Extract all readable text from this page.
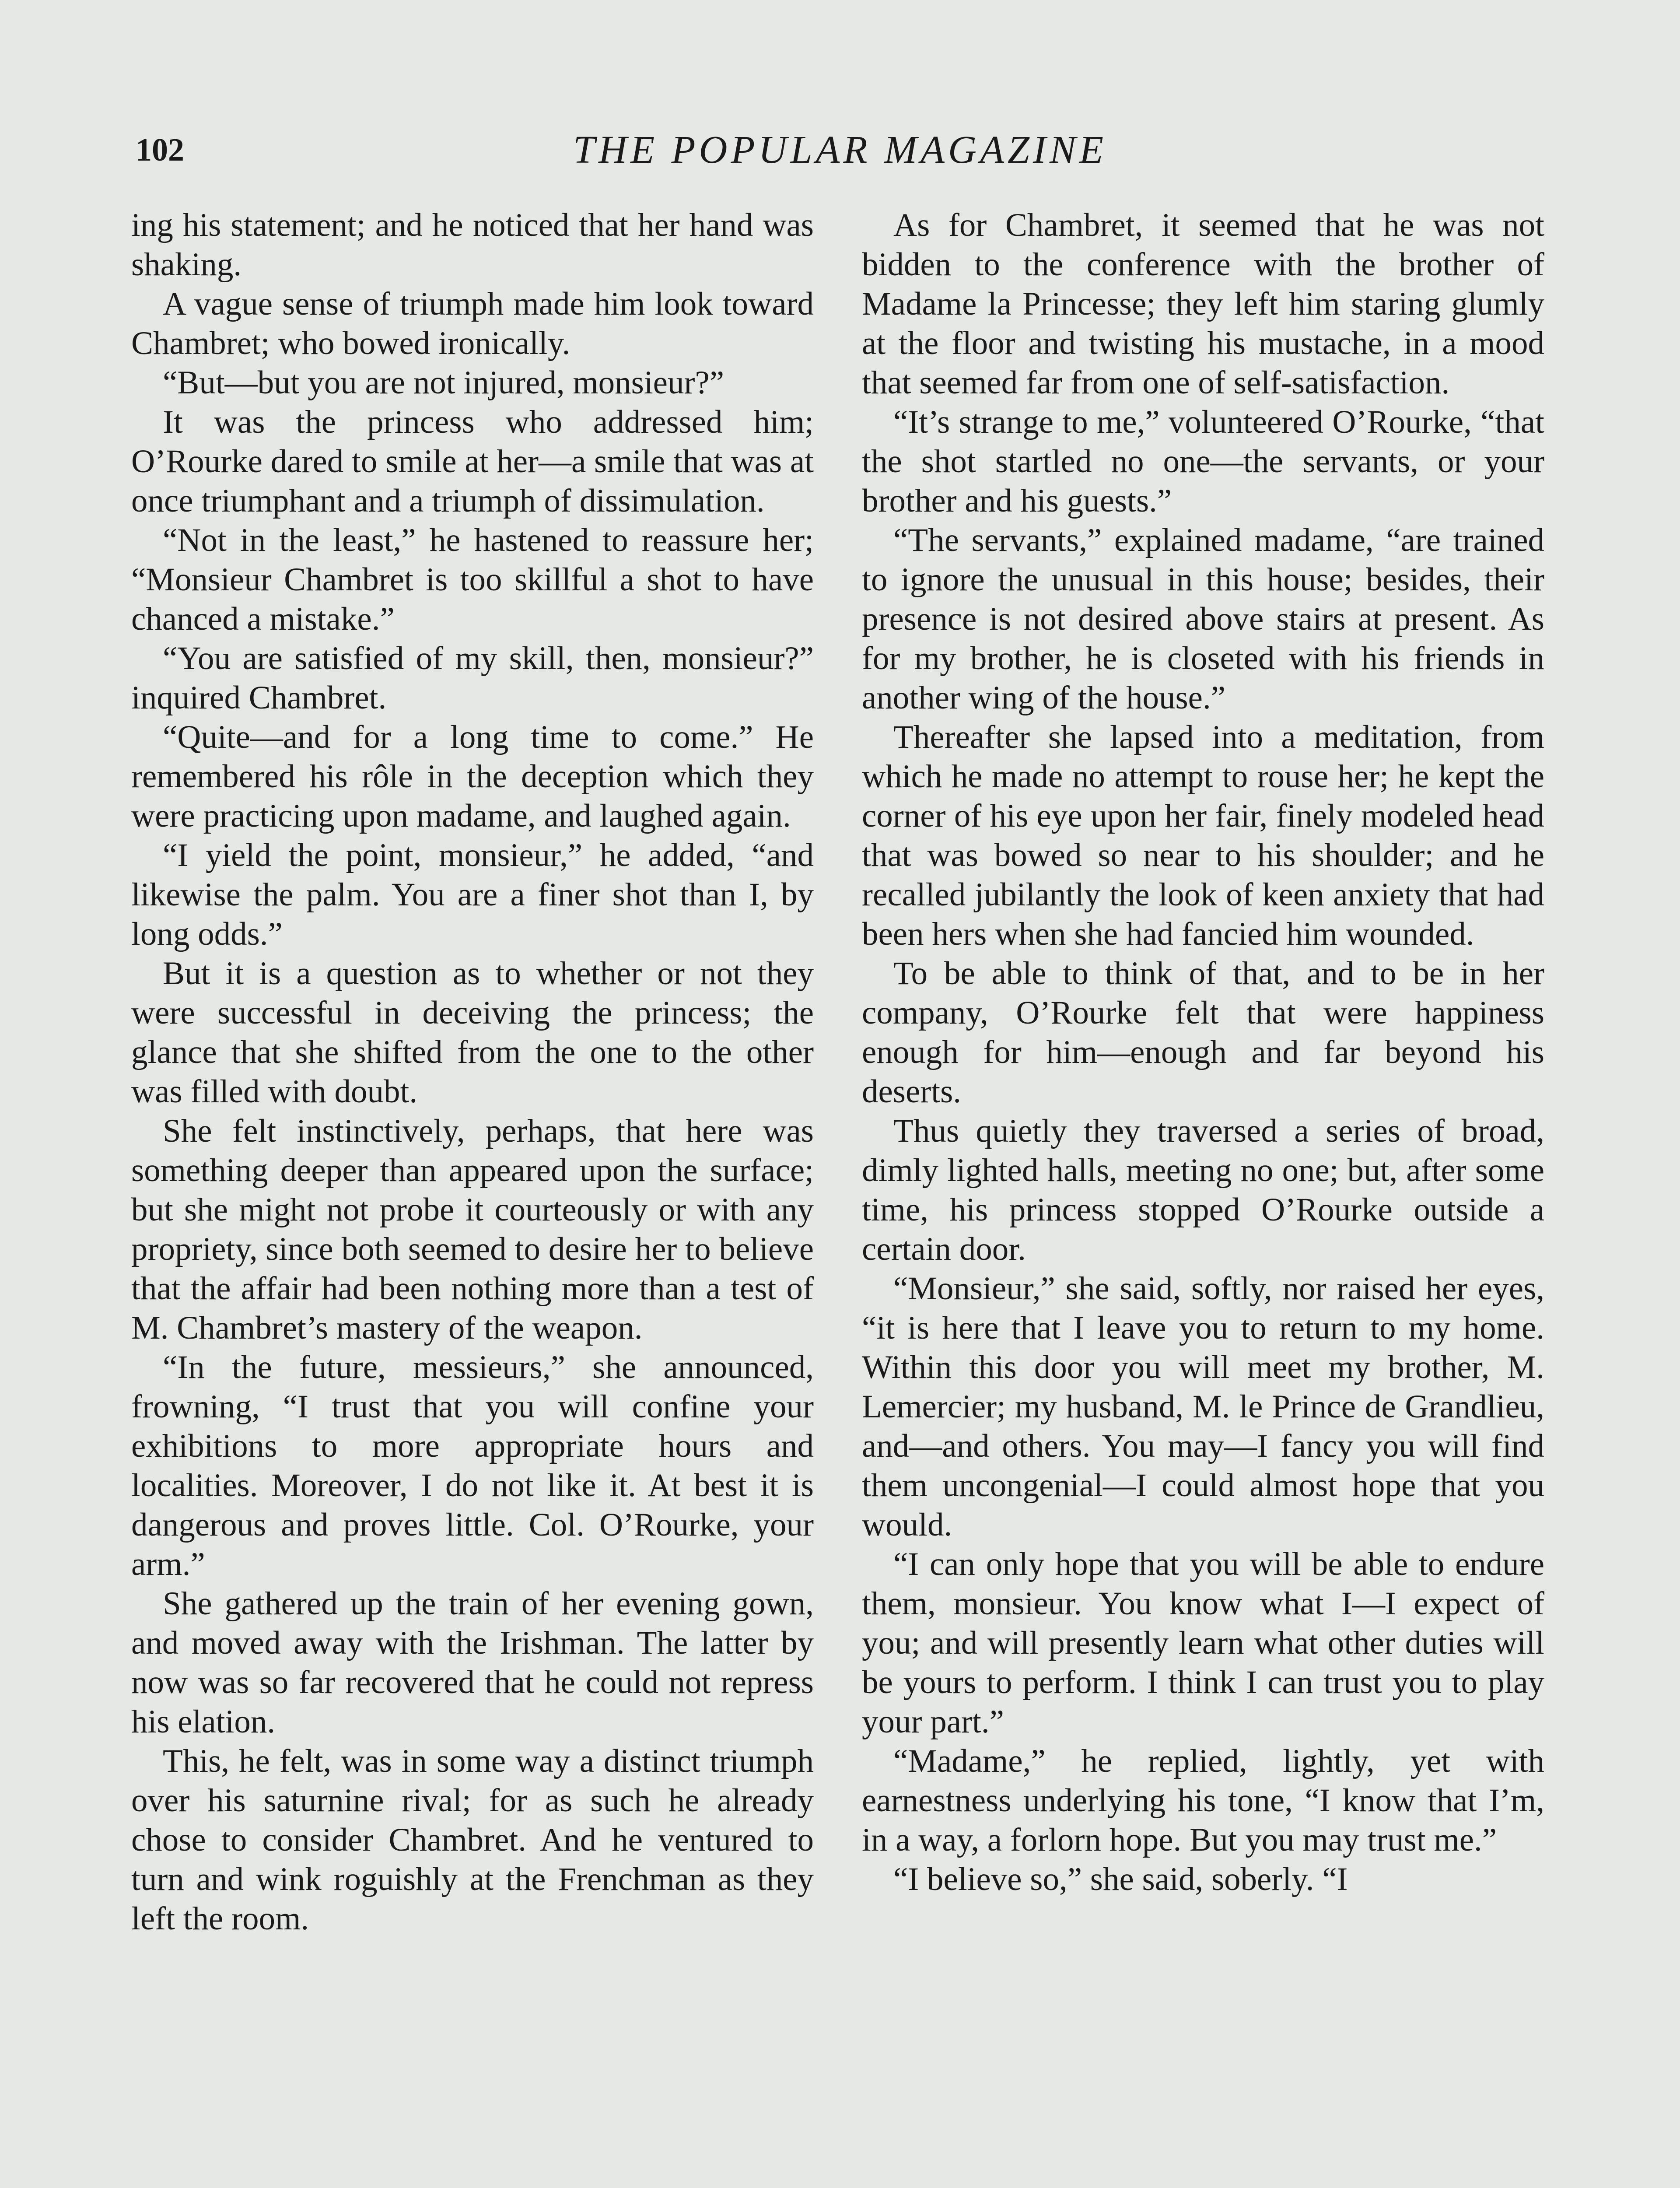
102	THE POPULAR MAGAZINE

ing his statement; and he noticed that her hand was shaking.

A vague sense of triumph made him look toward Chambret; who bowed ironically.

“But—but you are not injured, monsieur?”

It was the princess who addressed him; O’Rourke dared to smile at her—a smile that was at once triumphant and a triumph of dissimulation.

“Not in the least,” he hastened to reassure her; “Monsieur Chambret is too skillful a shot to have chanced a mistake.”

“You are satisfied of my skill, then, monsieur?” inquired Chambret.

“Quite—and for a long time to come.” He remembered his rôle in the deception which they were practicing upon madame, and laughed again.

“I yield the point, monsieur,” he added, “and likewise the palm. You are a finer shot than I, by long odds.”

But it is a question as to whether or not they were successful in deceiving the princess; the glance that she shifted from the one to the other was filled with doubt.

She felt instinctively, perhaps, that here was something deeper than appeared upon the surface; but she might not probe it courteously or with any propriety, since both seemed to desire her to believe that the affair had been nothing more than a test of M. Chambret’s mastery of the weapon.

“In the future, messieurs,” she announced, frowning, “I trust that you will confine your exhibitions to more appropriate hours and localities. Moreover, I do not like it. At best it is dangerous and proves little. Col. O’Rourke, your arm.”

She gathered up the train of her evening gown, and moved away with the Irishman. The latter by now was so far recovered that he could not repress his elation.

This, he felt, was in some way a distinct triumph over his saturnine rival; for as such he already chose to consider Chambret. And he ventured to turn and wink roguishly at the Frenchman as they left the room.

As for Chambret, it seemed that he was not bidden to the conference with the brother of Madame la Princesse; they left him staring glumly at the floor and twisting his mustache, in a mood that seemed far from one of self-satisfaction.

“It’s strange to me,” volunteered O’Rourke, “that the shot startled no one—the servants, or your brother and his guests.”

“The servants,” explained madame, “are trained to ignore the unusual in this house; besides, their presence is not desired above stairs at present. As for my brother, he is closeted with his friends in another wing of the house.”

Thereafter she lapsed into a meditation, from which he made no attempt to rouse her; he kept the corner of his eye upon her fair, finely modeled head that was bowed so near to his shoulder; and he recalled jubilantly the look of keen anxiety that had been hers when she had fancied him wounded.

To be able to think of that, and to be in her company, O’Rourke felt that were happiness enough for him—enough and far beyond his deserts.

Thus quietly they traversed a series of broad, dimly lighted halls, meeting no one; but, after some time, his princess stopped O’Rourke outside a certain door.

“Monsieur,” she said, softly, nor raised her eyes, “it is here that I leave you to return to my home. Within this door you will meet my brother, M. Lemercier; my husband, M. le Prince de Grandlieu, and—and others. You may—I fancy you will find them uncongenial—I could almost hope that you would.

“I can only hope that you will be able to endure them, monsieur. You know what I—I expect of you; and will presently learn what other duties will be yours to perform. I think I can trust you to play your part.”

“Madame,” he replied, lightly, yet with earnestness underlying his tone, “I know that I’m, in a way, a forlorn hope. But you may trust me.”

“I believe so,” she said, soberly. “I
